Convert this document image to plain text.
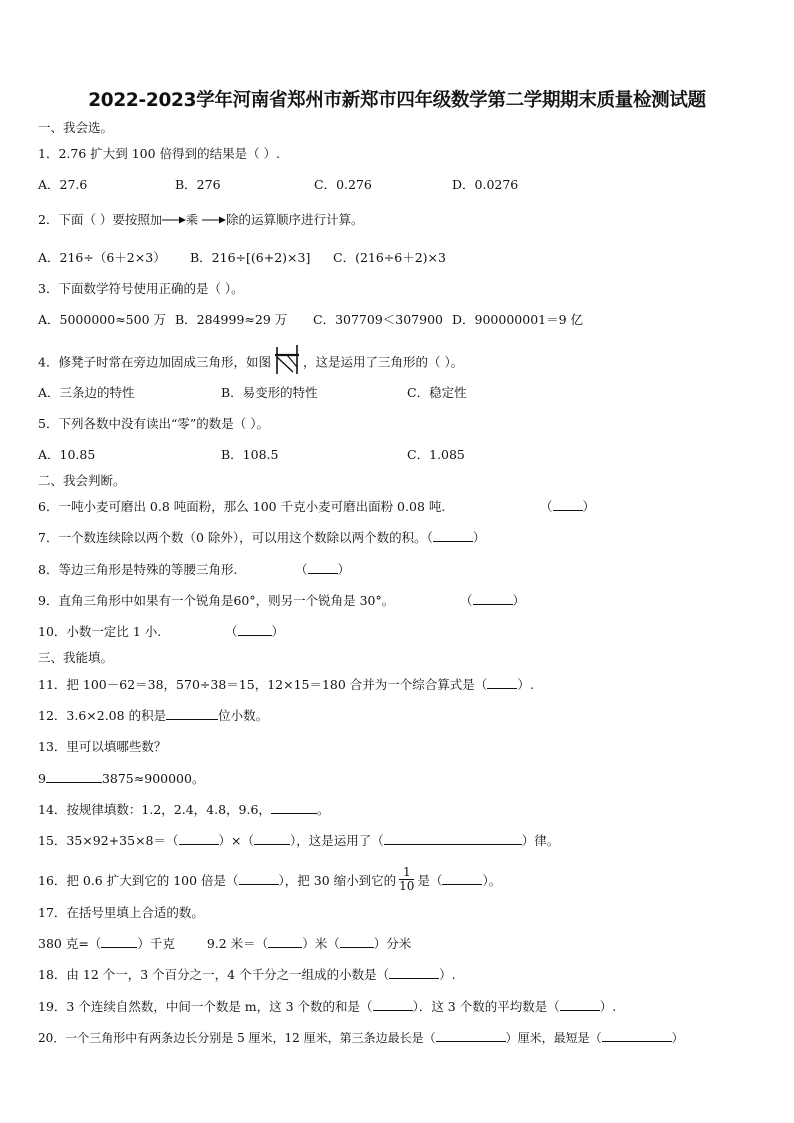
2022-2023学年河南省郑州市新郑市四年级数学第二学期期末质量检测试题
一、我会选。
1．2.76 扩大到 100 倍得到的结果是（ ）.
A．27.6	B．276	C．0.276	D．0.0276
2．下面（ ）要按照加 乘 除的运算顺序进行计算。
A．216÷（6＋2×3） B．216÷[(6+2)×3] C．(216÷6＋2)×3
3．下面数学符号使用正确的是（ ）。
A．5000000≈500 万 B．284999≈29 万 C．307709＜307900 D．900000001＝9 亿
4．修凳子时常在旁边加固成三角形，如图	，这是运用了三角形的（ ）。
A．三条边的特性	B．易变形的特性	C．稳定性
5．下列各数中没有读出“零”的数是（ ）。
A．10.85	B．108.5	C．1.085
二、我会判断。
6．一吨小麦可磨出 0.8 吨面粉，那么 100 千克小麦可磨出面粉 0.08 吨.	（ ）
7．一个数连续除以两个数（0 除外），可以用这个数除以两个数的积。（	）
8．等边三角形是特殊的等腰三角形.	（ ）
9．直角三角形中如果有一个锐角是60°，则另一个锐角是 30°。	（	）
10．小数一定比 1 小.	（	）
三、我能填。
11．把 100－62＝38，570÷38＝15，12×15＝180 合并为一个综合算式是（ ）.
12．3.6×2.08 的积是	位小数。
13．里可以填哪些数？
9	3875≈900000。
14．按规律填数：1.2，2.4，4.8，9.6，	。
15．35×92+35×8＝（	）×（	），这是运用了（	）律。
16．把 0.6 扩大到它的 100 倍是（	），把 30 缩小到它的 $\frac{1}{10}$ 是（	）。
17．在括号里填上合适的数。
380 克=（	）千克	9.2 米＝（	）米（	）分米
18．由 12 个一，3 个百分之一，4 个千分之一组成的小数是（	）.
19．3 个连续自然数，中间一个数是 m，这 3 个数的和是（	）．这 3 个数的平均数是（	）.
20．一个三角形中有两条边长分别是 5 厘米，12 厘米，第三条边最长是（	）厘米，最短是（	）
